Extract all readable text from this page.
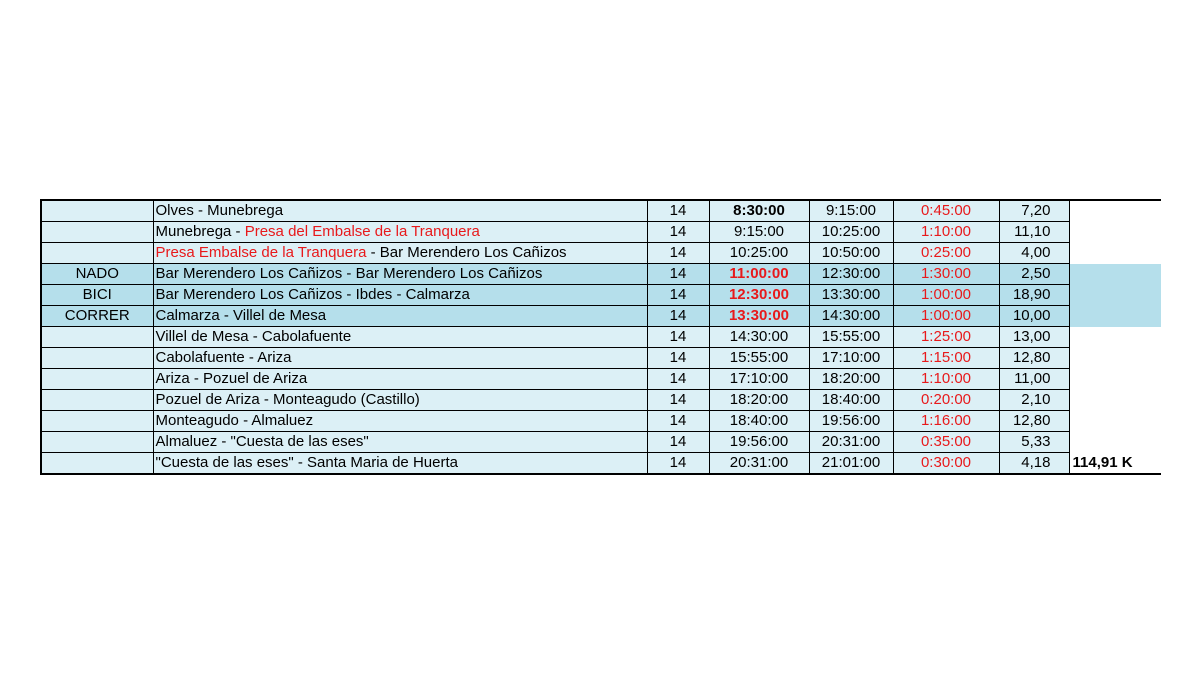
	Olves - Munebrega	14	8:30:00	9:15:00	0:45:00	7,20	
	Munebrega - Presa del Embalse de la Tranquera	14	9:15:00	10:25:00	1:10:00	11,10	
	Presa Embalse de la Tranquera - Bar Merendero Los Cañizos	14	10:25:00	10:50:00	0:25:00	4,00	
NADO	Bar Merendero Los Cañizos - Bar Merendero Los Cañizos	14	11:00:00	12:30:00	1:30:00	2,50	
BICI	Bar Merendero Los Cañizos - Ibdes - Calmarza	14	12:30:00	13:30:00	1:00:00	18,90	
CORRER	Calmarza - Villel de Mesa	14	13:30:00	14:30:00	1:00:00	10,00	
	Villel de Mesa - Cabolafuente	14	14:30:00	15:55:00	1:25:00	13,00	
	Cabolafuente - Ariza	14	15:55:00	17:10:00	1:15:00	12,80	
	Ariza - Pozuel de Ariza	14	17:10:00	18:20:00	1:10:00	11,00	
	Pozuel de Ariza - Monteagudo (Castillo)	14	18:20:00	18:40:00	0:20:00	2,10	
	Monteagudo - Almaluez	14	18:40:00	19:56:00	1:16:00	12,80	
	Almaluez - "Cuesta de las eses"	14	19:56:00	20:31:00	0:35:00	5,33	
	"Cuesta de las eses" - Santa Maria de Huerta	14	20:31:00	21:01:00	0:30:00	4,18	114,91 K
